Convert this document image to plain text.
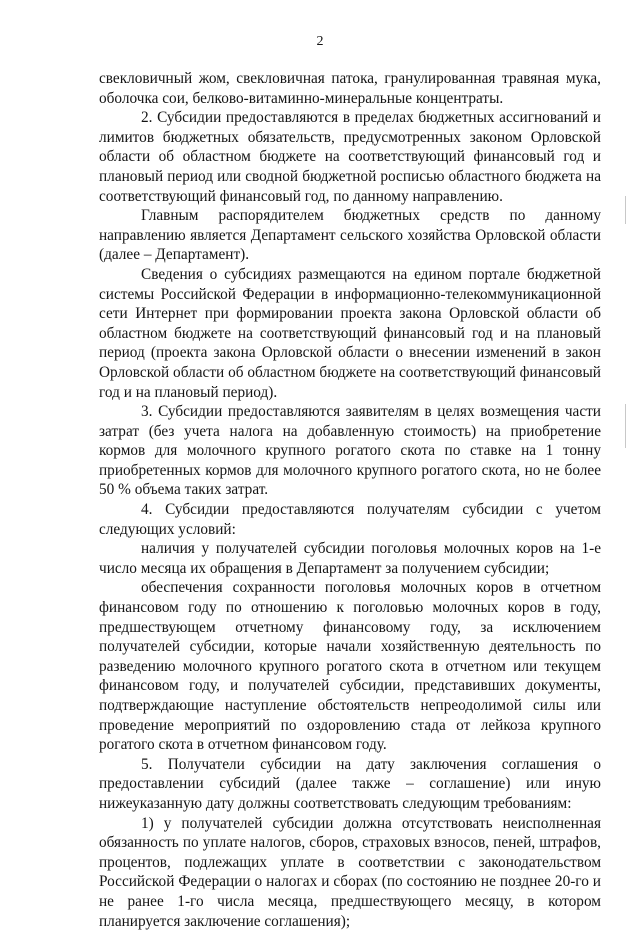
2

свекловичный жом, свекловичная патока, гранулированная травяная мука, оболочка сои, белково-витаминно-минеральные концентраты.

2. Субсидии предоставляются в пределах бюджетных ассигнований и лимитов бюджетных обязательств, предусмотренных законом Орловской области об областном бюджете на соответствующий финансовый год и плановый период или сводной бюджетной росписью областного бюджета на соответствующий финансовый год, по данному направлению.

Главным распорядителем бюджетных средств по данному направлению является Департамент сельского хозяйства Орловской области (далее – Департамент).

Сведения о субсидиях размещаются на едином портале бюджетной системы Российской Федерации в информационно-телекоммуникационной сети Интернет при формировании проекта закона Орловской области об областном бюджете на соответствующий финансовый год и на плановый период (проекта закона Орловской области о внесении изменений в закон Орловской области об областном бюджете на соответствующий финансовый год и на плановый период).

3. Субсидии предоставляются заявителям в целях возмещения части затрат (без учета налога на добавленную стоимость) на приобретение кормов для молочного крупного рогатого скота по ставке на 1 тонну приобретенных кормов для молочного крупного рогатого скота, но не более 50 % объема таких затрат.

4. Субсидии предоставляются получателям субсидии с учетом следующих условий:

наличия у получателей субсидии поголовья молочных коров на 1-е число месяца их обращения в Департамент за получением субсидии;

обеспечения сохранности поголовья молочных коров в отчетном финансовом году по отношению к поголовью молочных коров в году, предшествующем отчетному финансовому году, за исключением получателей субсидии, которые начали хозяйственную деятельность по разведению молочного крупного рогатого скота в отчетном или текущем финансовом году, и получателей субсидии, представивших документы, подтверждающие наступление обстоятельств непреодолимой силы или проведение мероприятий по оздоровлению стада от лейкоза крупного рогатого скота в отчетном финансовом году.

5. Получатели субсидии на дату заключения соглашения о предоставлении субсидий (далее также – соглашение) или иную нижеуказанную дату должны соответствовать следующим требованиям:

1) у получателей субсидии должна отсутствовать неисполненная обязанность по уплате налогов, сборов, страховых взносов, пеней, штрафов, процентов, подлежащих уплате в соответствии с законодательством Российской Федерации о налогах и сборах (по состоянию не позднее 20-го и не ранее 1-го числа месяца, предшествующего месяцу, в котором планируется заключение соглашения);
